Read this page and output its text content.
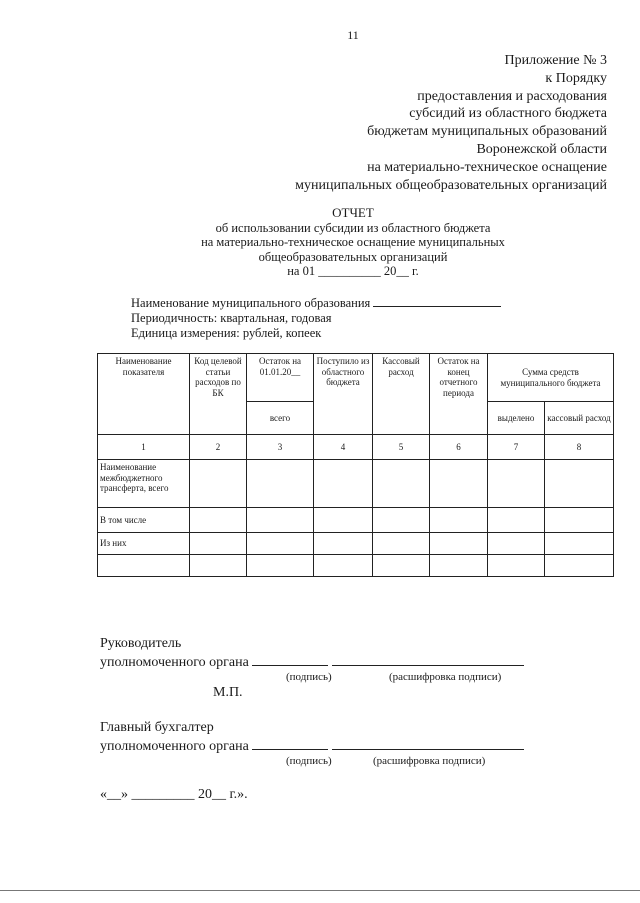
11
Приложение № 3
к Порядку
предоставления и расходования
субсидий из областного бюджета
бюджетам муниципальных образований
Воронежской области
на материально-техническое оснащение
муниципальных общеобразовательных организаций
ОТЧЕТ
об использовании субсидии из областного бюджета
на материально-техническое оснащение муниципальных
общеобразовательных организаций
на 01 __________ 20__ г.
Наименование муниципального образования
Периодичность: квартальная, годовая
Единица измерения: рублей, копеек
Наименование показателя	Код целевой статьи расходов по БК	Остаток на 01.01.20__	Поступило из областного бюджета	Кассовый расход	Остаток на конец отчетного периода	Сумма средств муниципального бюджета	
		всего				выделено	кассовый расход
1	2	3	4	5	6	7	8
Наименование межбюджетного трансферта, всего							
В том числе							
Из них							

Руководитель
уполномоченного органа
(подпись)	(расшифровка подписи)
М.П.
Главный бухгалтер
уполномоченного органа
(подпись)	(расшифровка подписи)
«__» _________ 20__ г.».
